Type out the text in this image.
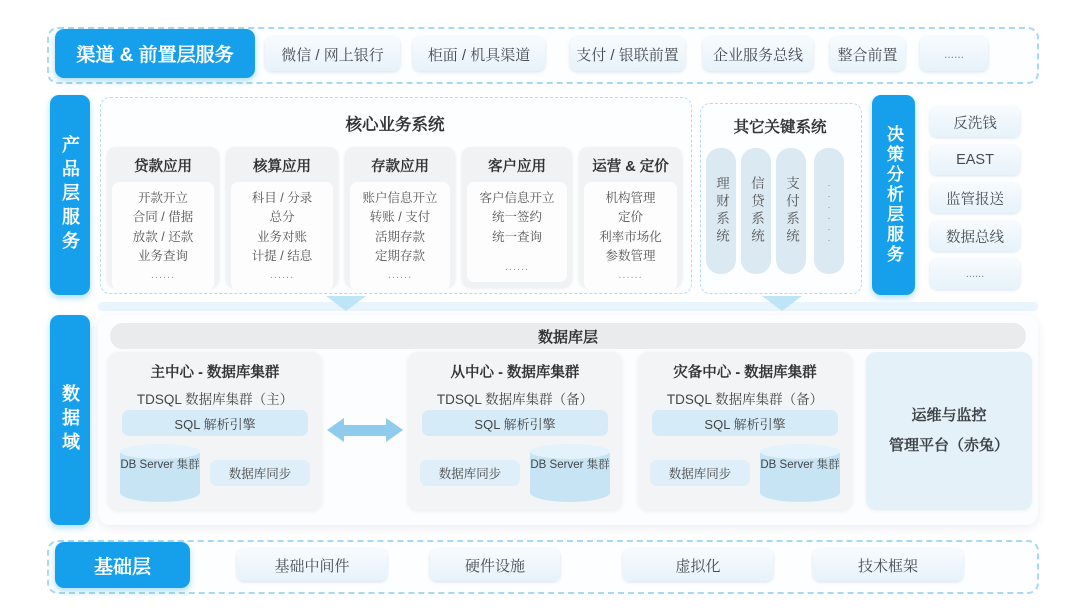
渠道 & 前置层服务	微信 / 网上银行	柜面 / 机具渠道	支付 / 银联前置 企业服务总线 整合前置	......
产品层服务
核心业务系统
贷款应用
开款开立
合同 / 借据
放款 / 还款
业务查询
......
核算应用
科目 / 分录
总分
业务对账
计提 / 结息
......
存款应用
账户信息开立
转账 / 支付
活期存款
定期存款
......
客户应用
客户信息开立
统一签约
统一查询
......
运营 & 定价
机构管理
定价
利率市场化
参数管理
......
其它关键系统
理财系统 信贷系统 支付系统	......	决策分析层服务
反洗钱
EAST
监管报送
数据总线
......
数据域
数据库层
主中心 - 数据库集群
TDSQL 数据库集群（主）
SQL 解析引擎
DB Server 集群
数据库同步
从中心 - 数据库集群
TDSQL 数据库集群（备）
SQL 解析引擎
数据库同步
DB Server 集群
灾备中心 - 数据库集群
TDSQL 数据库集群（备）
SQL 解析引擎
数据库同步
DB Server 集群
运维与监控
管理平台（赤兔）
基础层	基础中间件	硬件设施	虚拟化	技术框架
